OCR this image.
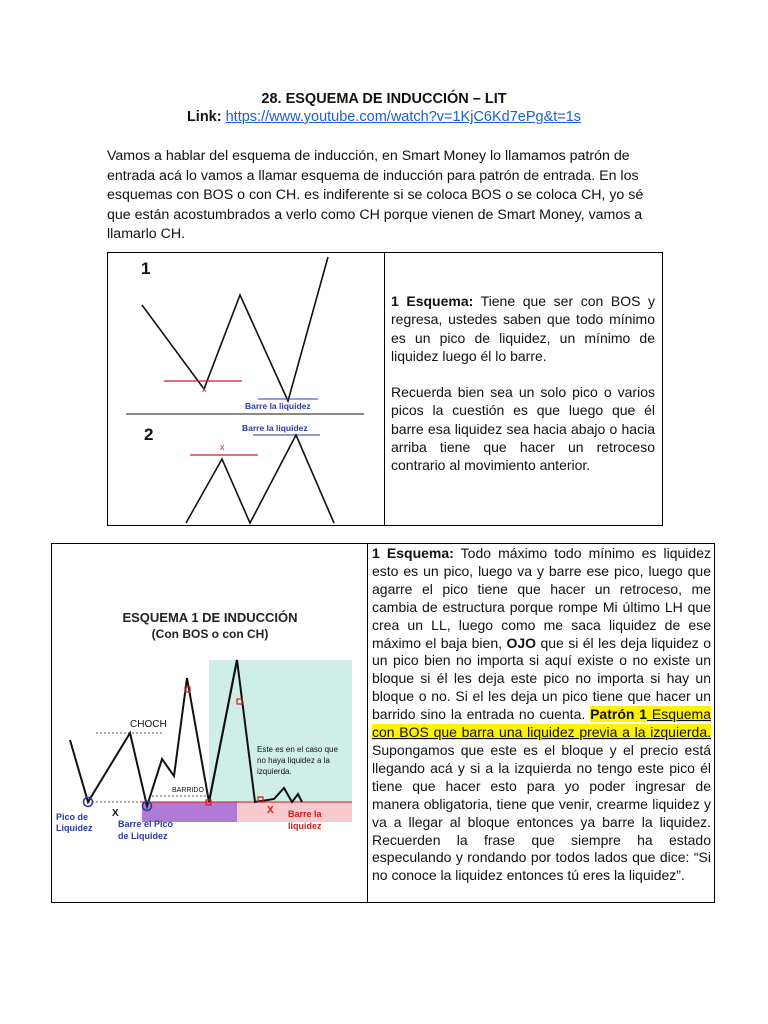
28. ESQUEMA DE INDUCCIÓN – LIT
Link: https://www.youtube.com/watch?v=1KjC6Kd7ePg&t=1s

Vamos a hablar del esquema de inducción, en Smart Money lo llamamos patrón de entrada acá lo vamos a llamar esquema de inducción para patrón de entrada. En los esquemas con BOS o con CH. es indiferente si se coloca BOS o se coloca CH, yo sé que están acostumbrados a verlo como CH porque vienen de Smart Money, vamos a llamarlo CH.

1
x
Barre la liquidez
Barre la liquidez
2
x

1 Esquema: Tiene que ser con BOS y regresa, ustedes saben que todo mínimo es un pico de liquidez, un mínimo de liquidez luego él lo barre.

Recuerda bien sea un solo pico o varios picos la cuestión es que luego que él barre esa liquidez sea hacia abajo o hacia arriba tiene que hacer un retroceso contrario al movimiento anterior.

ESQUEMA 1 DE INDUCCIÓN
(Con BOS o con CH)
CHOCH
BARRIDO
Este es en el caso que
no haya liquidez a la
izquierda.
X	X
Pico de
Liquidez	Barre el Pico
de Liquidez
Barre la
liquidez
1 Esquema: Todo máximo todo mínimo es liquidez esto es un pico, luego va y barre ese pico, luego que agarre el pico tiene que hacer un retroceso, me cambia de estructura porque rompe Mi último LH que crea un LL, luego como me saca liquidez de ese máximo el baja bien, OJO que si él les deja liquidez o un pico bien no importa si aquí existe o no existe un bloque si él les deja este pico no importa si hay un bloque o no. Si el les deja un pico tiene que hacer un barrido sino la entrada no cuenta. Patrón 1 Esquema con BOS que barra una liquidez previa a la izquierda. Supongamos que este es el bloque y el precio está llegando acá y si a la izquierda no tengo este pico él tiene que hacer esto para yo poder ingresar de manera obligatoria, tiene que venir, crearme liquidez y va a llegar al bloque entonces ya barre la liquidez. Recuerden la frase que siempre ha estado especulando y rondando por todos lados que dice: “Si no conoce la liquidez entonces tú eres la liquidez”.
